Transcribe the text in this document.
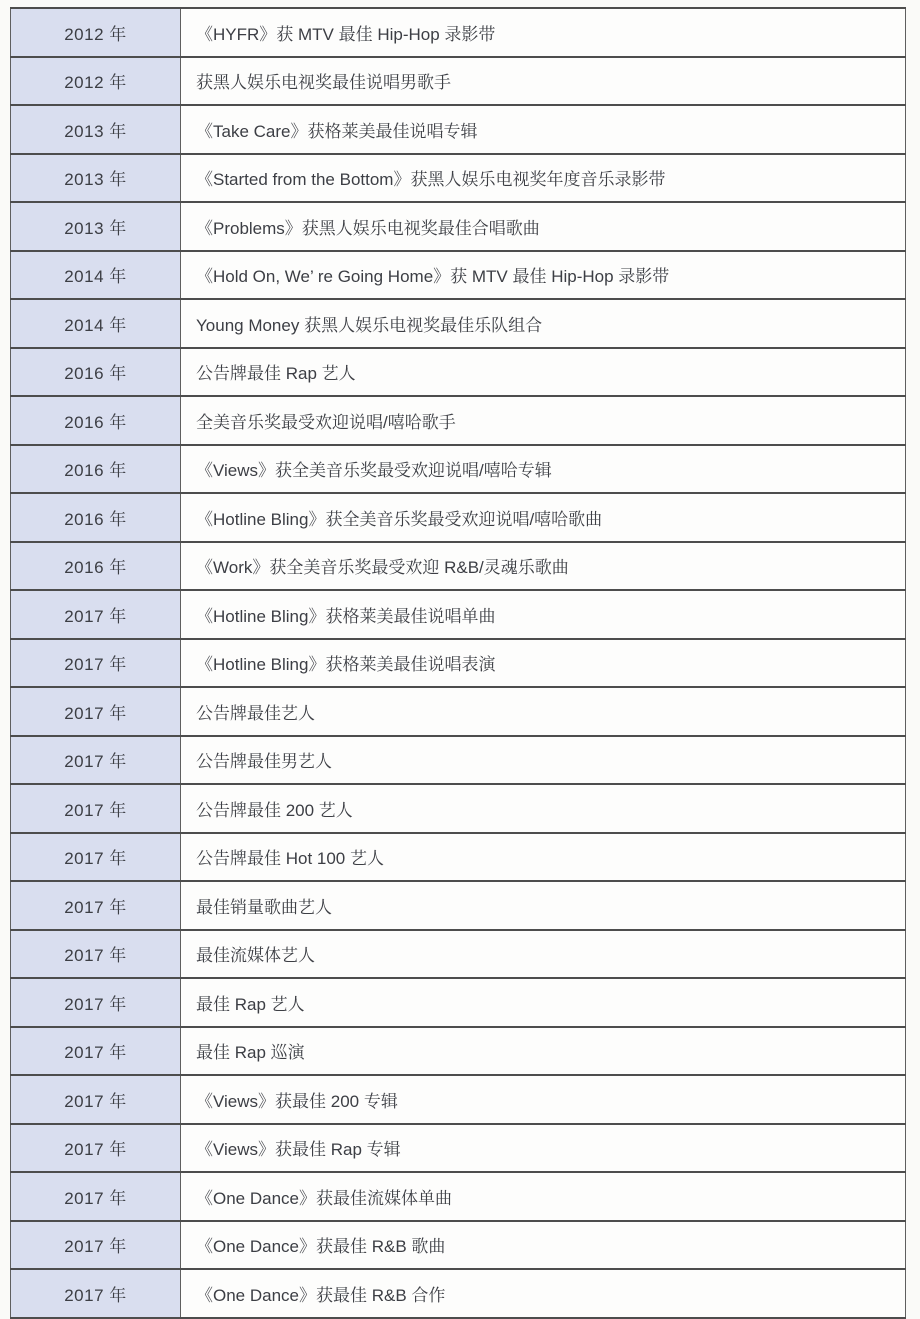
2012 年	《HYFR》获 MTV 最佳 Hip-Hop 录影带
2012 年	获黑人娱乐电视奖最佳说唱男歌手
2013 年	《Take Care》获格莱美最佳说唱专辑
2013 年	《Started from the Bottom》获黑人娱乐电视奖年度音乐录影带
2013 年	《Problems》获黑人娱乐电视奖最佳合唱歌曲
2014 年	《Hold On, We’ re Going Home》获 MTV 最佳 Hip-Hop 录影带
2014 年	Young Money 获黑人娱乐电视奖最佳乐队组合
2016 年	公告牌最佳 Rap 艺人
2016 年	全美音乐奖最受欢迎说唱/嘻哈歌手
2016 年	《Views》获全美音乐奖最受欢迎说唱/嘻哈专辑
2016 年	《Hotline Bling》获全美音乐奖最受欢迎说唱/嘻哈歌曲
2016 年	《Work》获全美音乐奖最受欢迎 R&B/灵魂乐歌曲
2017 年	《Hotline Bling》获格莱美最佳说唱单曲
2017 年	《Hotline Bling》获格莱美最佳说唱表演
2017 年	公告牌最佳艺人
2017 年	公告牌最佳男艺人
2017 年	公告牌最佳 200 艺人
2017 年	公告牌最佳 Hot 100 艺人
2017 年	最佳销量歌曲艺人
2017 年	最佳流媒体艺人
2017 年	最佳 Rap 艺人
2017 年	最佳 Rap 巡演
2017 年	《Views》获最佳 200 专辑
2017 年	《Views》获最佳 Rap 专辑
2017 年	《One Dance》获最佳流媒体单曲
2017 年	《One Dance》获最佳 R&B 歌曲
2017 年	《One Dance》获最佳 R&B 合作
